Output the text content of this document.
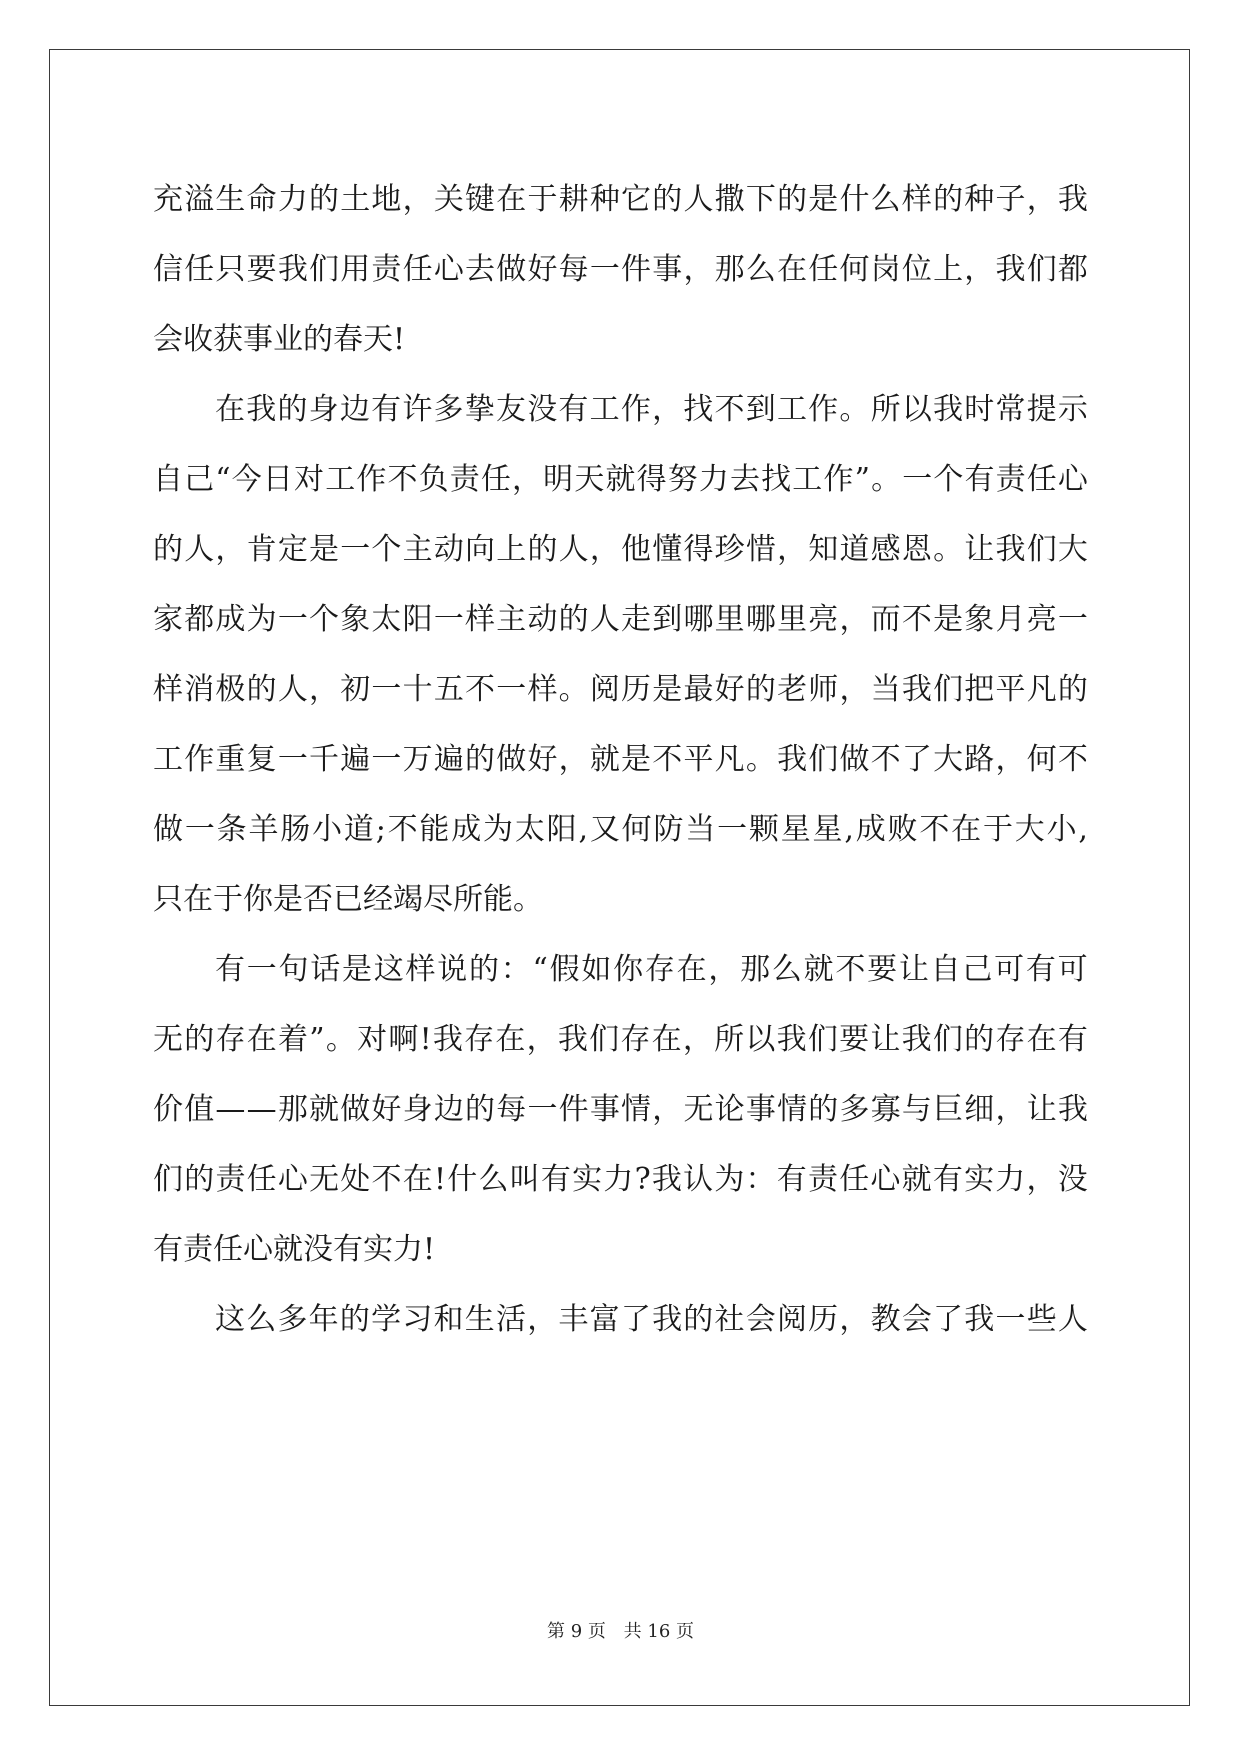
充 溢 生 命 力 的 土 地 ， 关 键 在 于 耕 种 它 的 人 撒 下 的 是 什 么 样 的 种 子 ， 我
信 任 只 要 我 们 用 责 任 心 去 做 好 每 一 件 事 ， 那 么 在 任 何 岗 位 上 ， 我 们 都
会 收 获 事 业 的 春 天 !
在 我 的 身 边 有 许 多 挚 友 没 有 工 作 ， 找 不 到 工 作 。 所 以 我 时 常 提 示
自 己 “ 今 日 对 工 作 不 负 责 任 ， 明 天 就 得 努 力 去 找 工 作 ” 。 一 个 有 责 任 心
的 人 ， 肯 定 是 一 个 主 动 向 上 的 人 ， 他 懂 得 珍 惜 ， 知 道 感 恩 。 让 我 们 大
家 都 成 为 一 个 象 太 阳 一 样 主 动 的 人 走 到 哪 里 哪 里 亮 ， 而 不 是 象 月 亮 一
样 消 极 的 人 ， 初 一 十 五 不 一 样 。 阅 历 是 最 好 的 老 师 ， 当 我 们 把 平 凡 的
工 作 重 复 一 千 遍 一 万 遍 的 做 好 ， 就 是 不 平 凡 。 我 们 做 不 了 大 路 ， 何 不
做 一 条 羊 肠 小 道 ; 不 能 成 为 太 阳 , 又 何 防 当 一 颗 星 星 , 成 败 不 在 于 大 小 ,
只 在 于 你 是 否 已 经 竭 尽 所 能 。
有 一 句 话 是 这 样 说 的 ： “ 假 如 你 存 在 ， 那 么 就 不 要 让 自 己 可 有 可
无 的 存 在 着 ” 。 对 啊 ! 我 存 在 ， 我 们 存 在 ， 所 以 我 们 要 让 我 们 的 存 在 有
价 值 — — 那 就 做 好 身 边 的 每 一 件 事 情 ， 无 论 事 情 的 多 寡 与 巨 细 ， 让 我
们 的 责 任 心 无 处 不 在 ! 什 么 叫 有 实 力 ? 我 认 为 ： 有 责 任 心 就 有 实 力 ， 没
有 责 任 心 就 没 有 实 力 !
这 么 多 年 的 学 习 和 生 活 ， 丰 富 了 我 的 社 会 阅 历 ， 教 会 了 我 一 些 人
第 9 页 共 16 页
